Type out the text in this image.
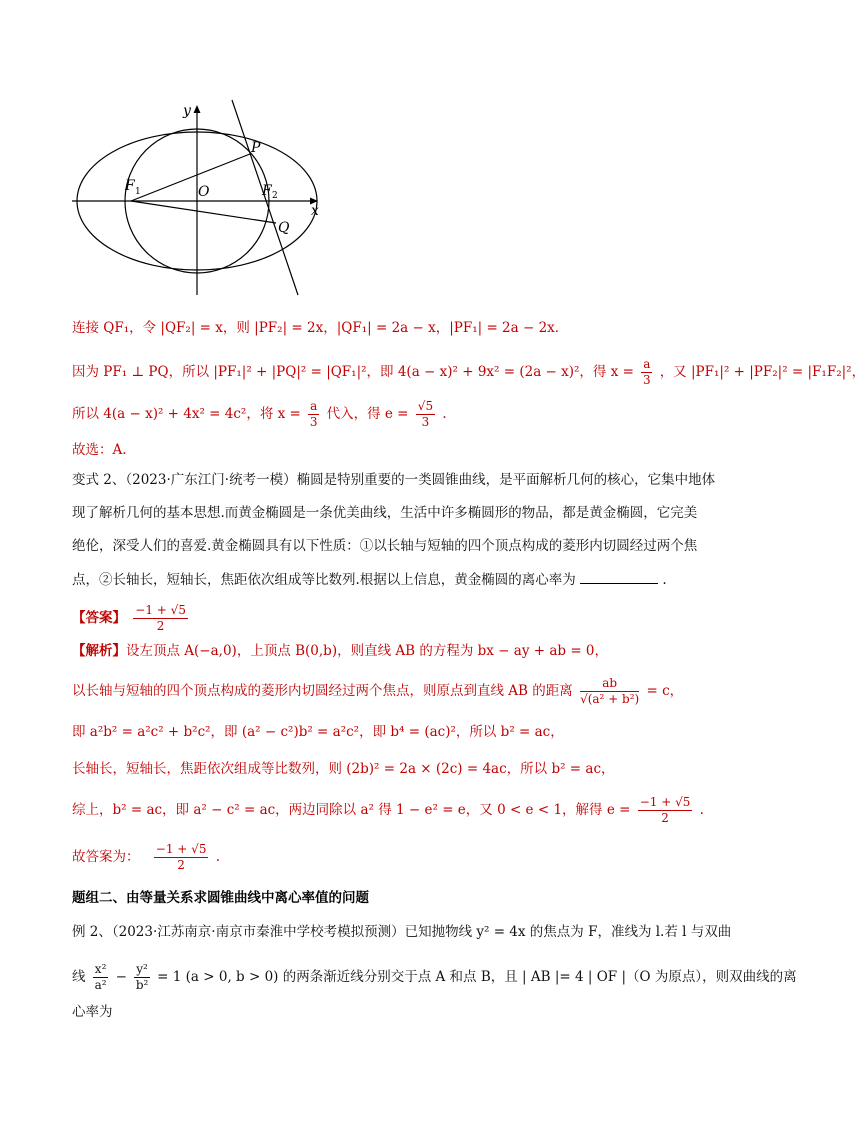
y
x
O
F 1	F 2
P
Q
连接 QF₁，令 |QF₂| = x，则 |PF₂| = 2x，|QF₁| = 2a − x，|PF₁| = 2a − 2x．
因为 PF₁ ⊥ PQ，所以 |PF₁|² + |PQ|² = |QF₁|²，即 4(a − x)² + 9x² = (2a − x)²，得 $x = \frac{a}{3}$ ，又 |PF₁|² + |PF₂|² = |F₁F₂|²，
所以 4(a − x)² + 4x² = 4c²，将 $x = \frac{a}{3}$ 代入，得 $e = \frac{√5}{3}$ .
故选：A.
变式 2、（2023·广东江门·统考一模）椭圆是特别重要的一类圆锥曲线，是平面解析几何的核心，它集中地体
现了解析几何的基本思想.而黄金椭圆是一条优美曲线，生活中许多椭圆形的物品，都是黄金椭圆，它完美
绝伦，深受人们的喜爱.黄金椭圆具有以下性质：①以长轴与短轴的四个顶点构成的菱形内切圆经过两个焦
点，②长轴长，短轴长，焦距依次组成等比数列.根据以上信息，黄金椭圆的离心率为	.
【答案】 $\frac{-1 + √5}{2}$
【解析】设左顶点 A(−a,0)，上顶点 B(0,b)，则直线 AB 的方程为 bx − ay + ab = 0，
以长轴与短轴的四个顶点构成的菱形内切圆经过两个焦点，则原点到直线 AB 的距离 $\frac{ab}{\text{√(a² + b²)}} = c$，
即 a²b² = a²c² + b²c²，即 (a² − c²)b² = a²c²，即 b⁴ = (ac)²，所以 b² = ac，
长轴长，短轴长，焦距依次组成等比数列，则 (2b)² = 2a × (2c) = 4ac，所以 b² = ac，
综上，b² = ac，即 a² − c² = ac，两边同除以 a² 得 1 − e² = e，又 0 < e < 1，解得 $e = \frac{-1 + √5}{2}$ .
故答案为： $\frac{-1 + √5}{2}$ .
题组二、由等量关系求圆锥曲线中离心率值的问题
例 2、（2023·江苏南京·南京市秦淮中学校考模拟预测）已知抛物线 y² = 4x 的焦点为 F，准线为 l.若 l 与双曲
线 $\frac{\text{x²}}{\text{a²}} - \frac{\text{y²}}{\text{b²}} = 1$ (a > 0, b > 0) 的两条渐近线分别交于点 A 和点 B，且 | AB |= 4 | OF |（O 为原点），则双曲线的离
心率为
